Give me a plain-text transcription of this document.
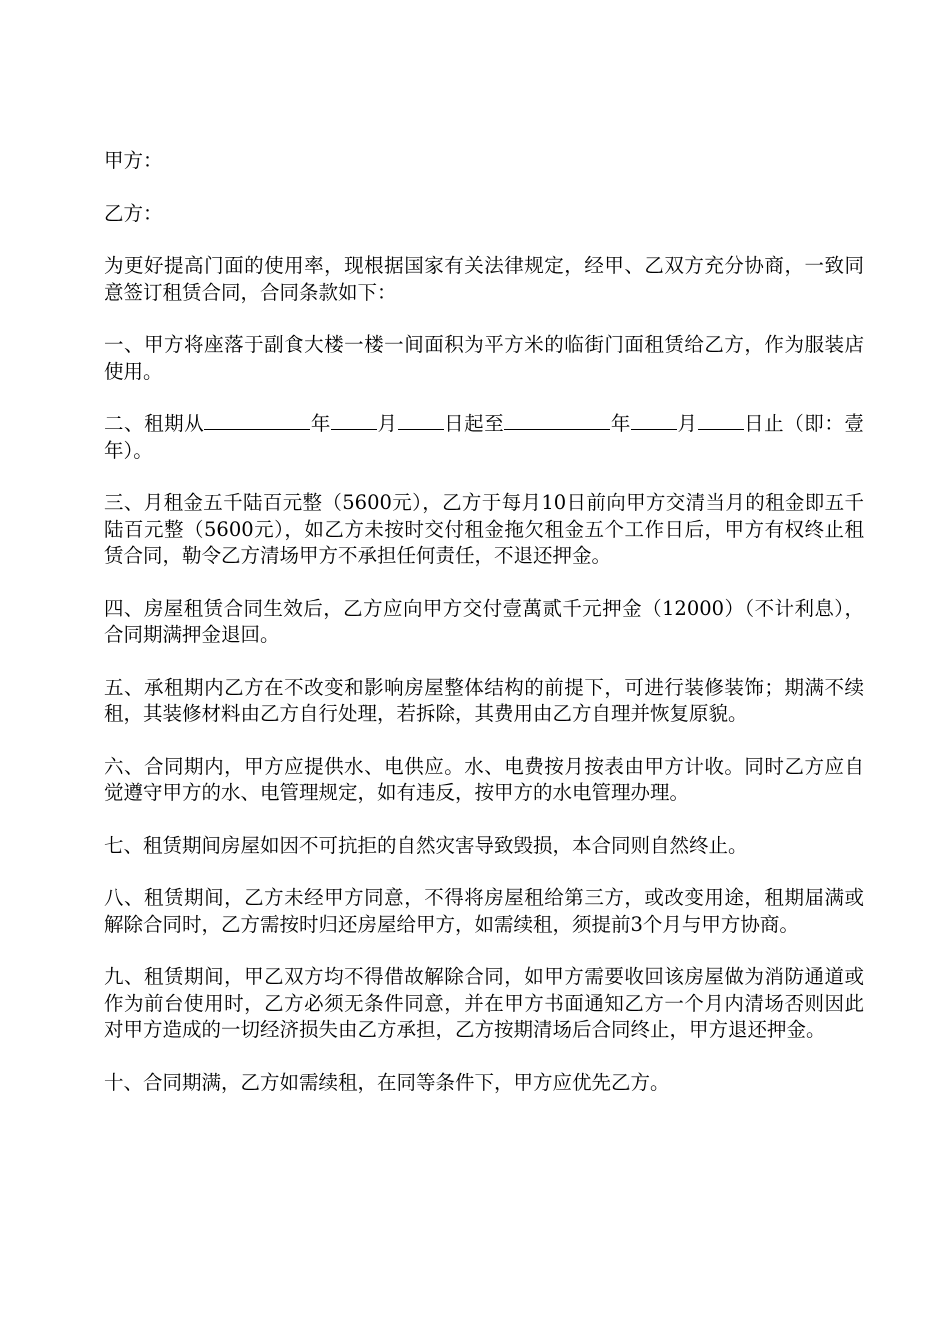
甲方：

乙方：

为更好提高门面的使用率，现根据国家有关法律规定，经甲、乙双方充分协商，一致同意签订租赁合同，合同条款如下：

一、甲方将座落于副食大楼一楼一间面积为平方米的临街门面租赁给乙方，作为服装店使用。

二、租期从	年 月 日起至	年 月 日止（即：壹年）。

三、月租金五千陆百元整（5600元），乙方于每月10日前向甲方交清当月的租金即五千陆百元整（5600元），如乙方未按时交付租金拖欠租金五个工作日后，甲方有权终止租赁合同，勒令乙方清场甲方不承担任何责任，不退还押金。

四、房屋租赁合同生效后，乙方应向甲方交付壹萬贰千元押金（12000）（不计利息），合同期满押金退回。

五、承租期内乙方在不改变和影响房屋整体结构的前提下，可进行装修装饰；期满不续租，其装修材料由乙方自行处理，若拆除，其费用由乙方自理并恢复原貌。

六、合同期内，甲方应提供水、电供应。水、电费按月按表由甲方计收。同时乙方应自觉遵守甲方的水、电管理规定，如有违反，按甲方的水电管理办理。

七、租赁期间房屋如因不可抗拒的自然灾害导致毁损，本合同则自然终止。

八、租赁期间，乙方未经甲方同意，不得将房屋租给第三方，或改变用途，租期届满或解除合同时，乙方需按时归还房屋给甲方，如需续租，须提前3个月与甲方协商。

九、租赁期间，甲乙双方均不得借故解除合同，如甲方需要收回该房屋做为消防通道或作为前台使用时，乙方必须无条件同意，并在甲方书面通知乙方一个月内清场否则因此对甲方造成的一切经济损失由乙方承担，乙方按期清场后合同终止，甲方退还押金。

十、合同期满，乙方如需续租，在同等条件下，甲方应优先乙方。
